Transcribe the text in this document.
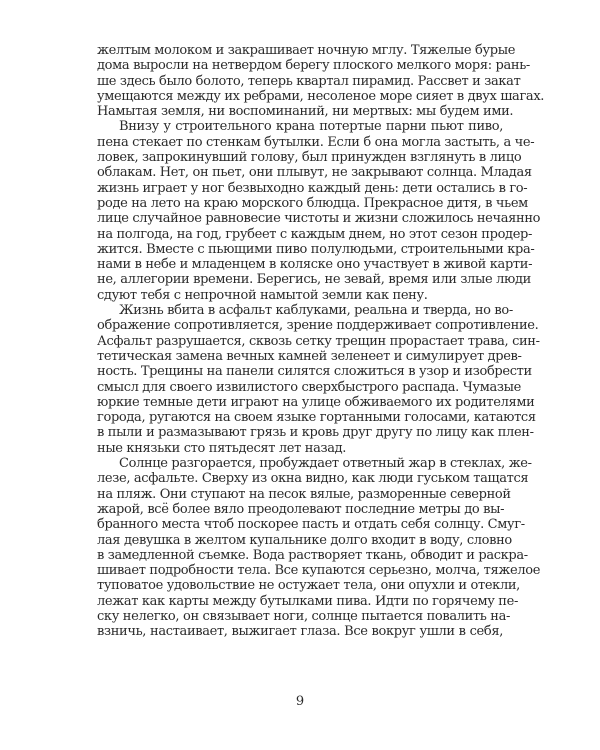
желтым молоком и закрашивает ночную мглу. Тяжелые бурые
дома выросли на нетвердом берегу плоского мелкого моря: рань-
ше здесь было болото, теперь квартал пирамид. Рассвет и закат
умещаются между их ребрами, несоленое море сияет в двух шагах.
Намытая земля, ни воспоминаний, ни мертвых: мы будем ими.
Внизу у строительного крана потертые парни пьют пиво,
пена стекает по стенкам бутылки. Если б она могла застыть, а че-
ловек, запрокинувший голову, был принужден взглянуть в лицо
облакам. Нет, он пьет, они плывут, не закрывают солнца. Младая
жизнь играет у ног безвыходно каждый день: дети остались в го-
роде на лето на краю морского блюдца. Прекрасное дитя, в чьем
лице случайное равновесие чистоты и жизни сложилось нечаянно
на полгода, на год, грубеет с каждым днем, но этот сезон продер-
жится. Вместе с пьющими пиво полулюдьми, строительными кра-
нами в небе и младенцем в коляске оно участвует в живой карти-
не, аллегории времени. Берегись, не зевай, время или злые люди
сдуют тебя с непрочной намытой земли как пену.
Жизнь вбита в асфальт каблуками, реальна и тверда, но во-
ображение сопротивляется, зрение поддерживает сопротивление.
Асфальт разрушается, сквозь сетку трещин прорастает трава, син-
тетическая замена вечных камней зеленеет и симулирует древ-
ность. Трещины на панели силятся сложиться в узор и изобрести
смысл для своего извилистого сверхбыстрого распада. Чумазые
юркие темные дети играют на улице обживаемого их родителями
города, ругаются на своем языке гортанными голосами, катаются
в пыли и размазывают грязь и кровь друг другу по лицу как плен-
ные князьки сто пятьдесят лет назад.
Солнце разгорается, пробуждает ответный жар в стеклах, же-
лезе, асфальте. Сверху из окна видно, как люди гуськом тащатся
на пляж. Они ступают на песок вялые, разморенные северной
жарой, всё более вяло преодолевают последние метры до вы-
бранного места чтоб поскорее пасть и отдать себя солнцу. Смуг-
лая девушка в желтом купальнике долго входит в воду, словно
в замедленной съемке. Вода растворяет ткань, обводит и раскра-
шивает подробности тела. Все купаются серьезно, молча, тяжелое
туповатое удовольствие не остужает тела, они опухли и отекли,
лежат как карты между бутылками пива. Идти по горячему пе-
ску нелегко, он связывает ноги, солнце пытается повалить на-
взничь, настаивает, выжигает глаза. Все вокруг ушли в себя,
9
